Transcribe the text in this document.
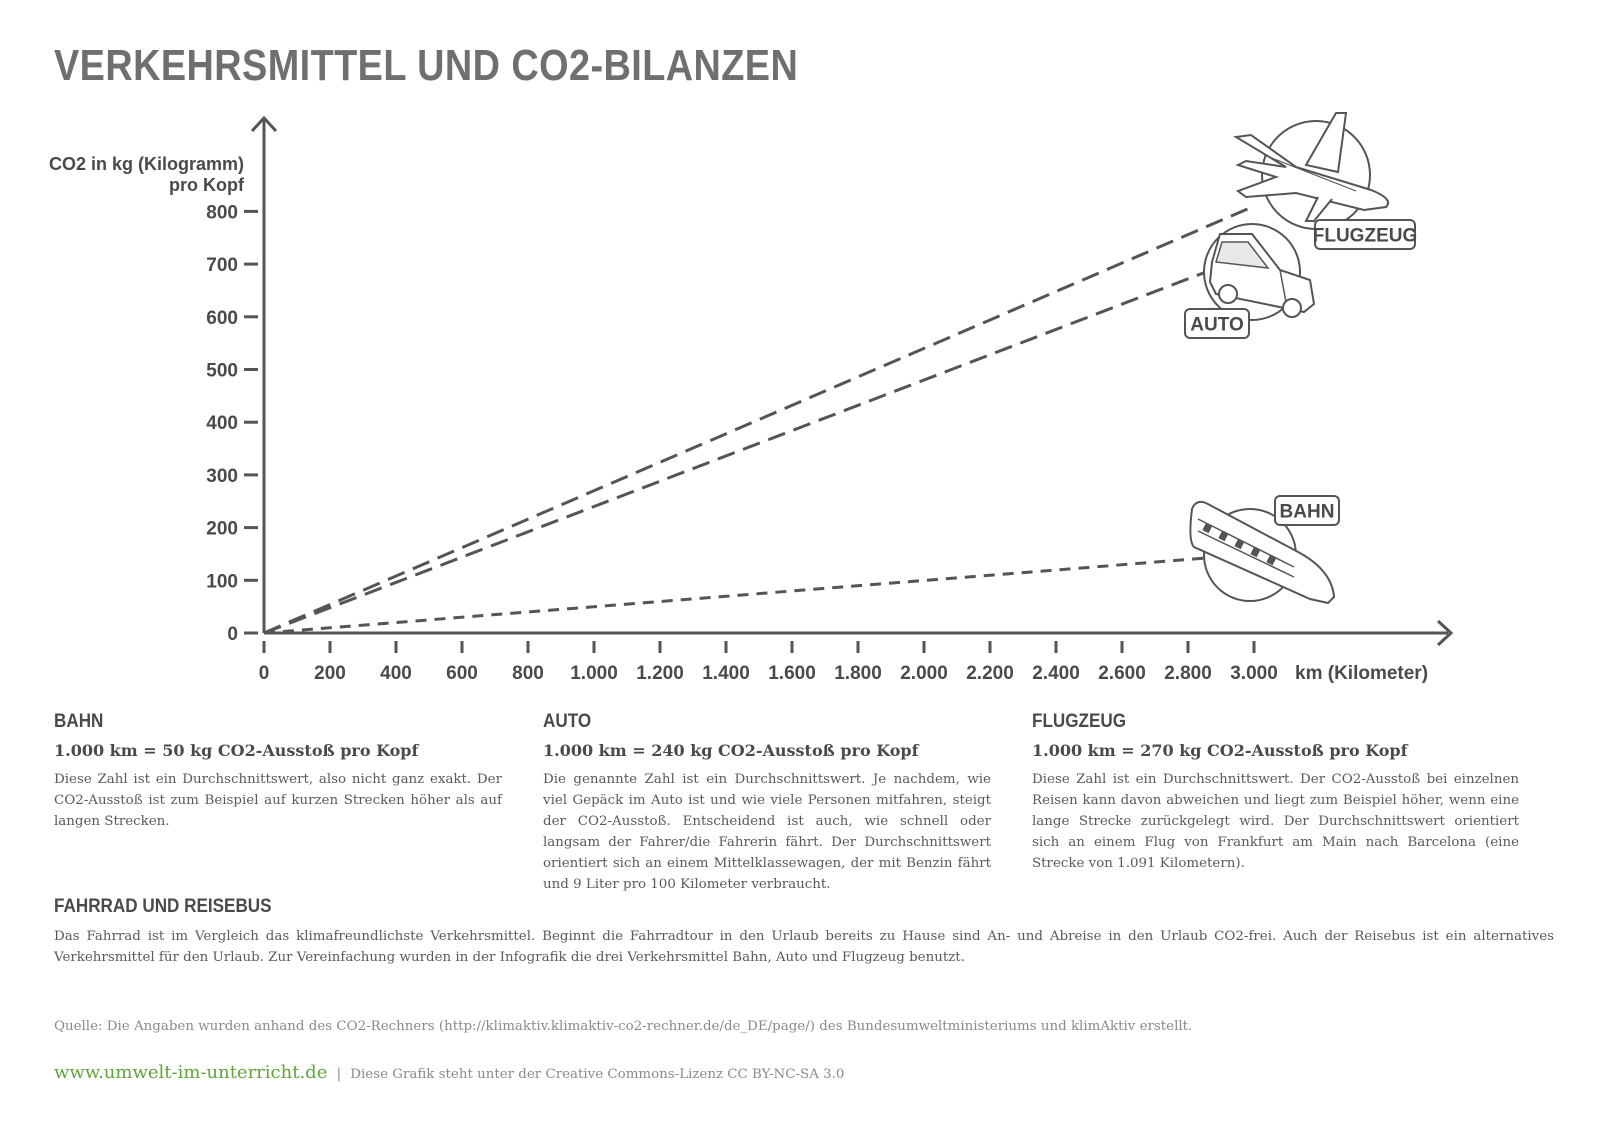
VERKEHRSMITTEL UND CO2-BILANZEN
CO2 in kg (Kilogramm)
pro Kopf
0 200 400 600 800 1.000 1.200 1.400 1.600 1.800 2.000 2.200 2.400 2.600 2.800 3.000 km (Kilometer)
0
100
200
300
400
500
600
700
800
FLUGZEUG
AUTO
BAHN
BAHN
1.000 km = 50 kg CO2-Ausstoß pro Kopf
Diese Zahl ist ein Durchschnittswert, also nicht ganz exakt. Der CO2-Ausstoß ist zum Beispiel auf kurzen Strecken höher als auf langen Strecken.
AUTO
1.000 km = 240 kg CO2-Ausstoß pro Kopf
Die genannte Zahl ist ein Durchschnittswert. Je nachdem, wie viel Gepäck im Auto ist und wie viele Personen mitfahren, steigt der CO2-Ausstoß. Entscheidend ist auch, wie schnell oder langsam der Fahrer/die Fahrerin fährt. Der Durchschnittswert orientiert sich an einem Mittelklassewagen, der mit Benzin fährt und 9 Liter pro 100 Kilometer verbraucht.
FLUGZEUG
1.000 km = 270 kg CO2-Ausstoß pro Kopf
Diese Zahl ist ein Durchschnittswert. Der CO2-Ausstoß bei einzelnen Reisen kann davon abweichen und liegt zum Beispiel höher, wenn eine lange Strecke zurückgelegt wird. Der Durchschnittswert orientiert sich an einem Flug von Frankfurt am Main nach Barcelona (eine Strecke von 1.091 Kilometern).
FAHRRAD UND REISEBUS
Das Fahrrad ist im Vergleich das klimafreundlichste Verkehrsmittel. Beginnt die Fahrradtour in den Urlaub bereits zu Hause sind An- und Abreise in den Urlaub CO2-frei. Auch der Reisebus ist ein alternatives Verkehrsmittel für den Urlaub. Zur Vereinfachung wurden in der Infografik die drei Verkehrsmittel Bahn, Auto und Flugzeug benutzt.
Quelle: Die Angaben wurden anhand des CO2-Rechners (http://klimaktiv.klimaktiv-co2-rechner.de/de_DE/page/) des Bundesumweltministeriums und klimAktiv erstellt.
www.umwelt-im-unterricht.de | Diese Grafik steht unter der Creative Commons-Lizenz CC BY-NC-SA 3.0
